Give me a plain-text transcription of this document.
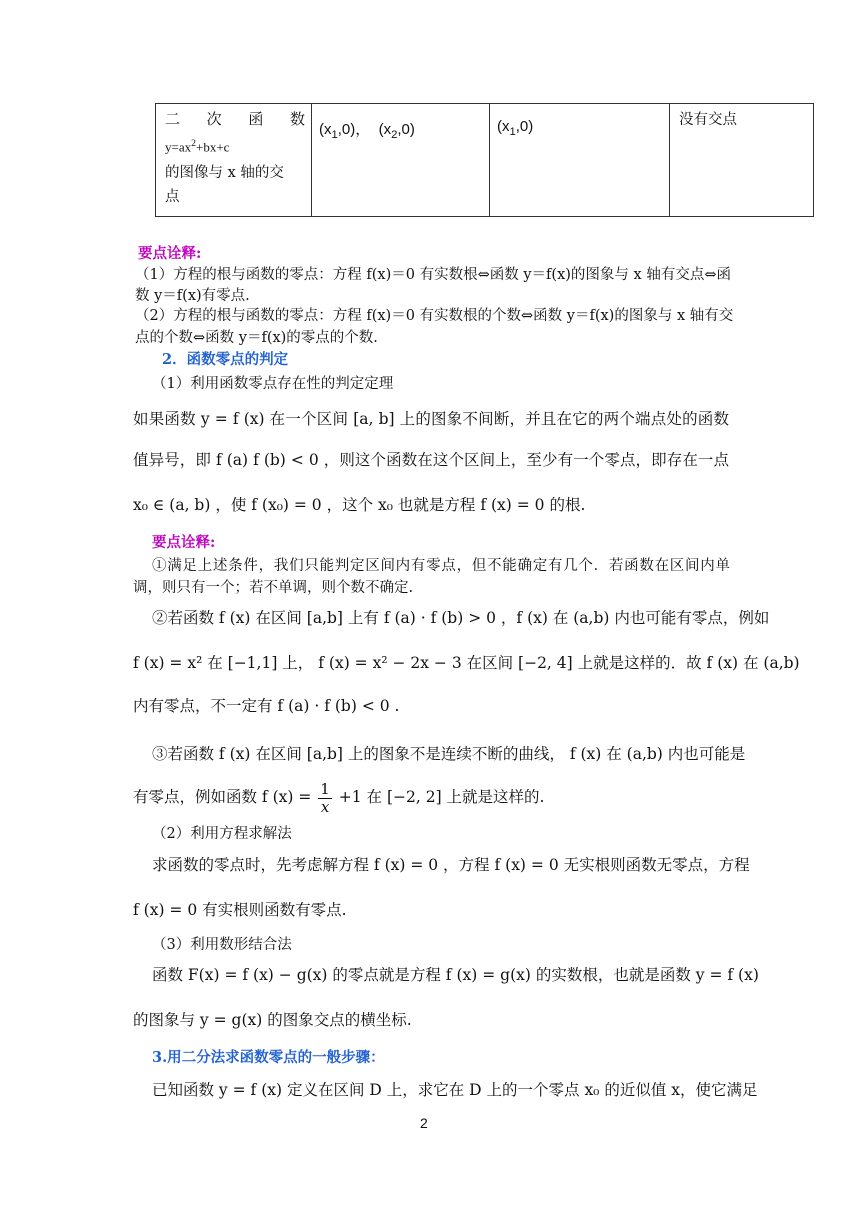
二 次 函 数
$y=ax^2+bx+c$
的图像与 x 轴的交
点
	$(x_1,0)$， $(x_2,0)$	$(x_1,0)$	没有交点
要点诠释:
（1）方程的根与函数的零点：方程 f(x)＝0 有实数根⇔函数 y＝f(x)的图象与 x 轴有交点⇔函
数 y＝f(x)有零点.
（2）方程的根与函数的零点：方程 f(x)＝0 有实数根的个数⇔函数 y＝f(x)的图象与 x 轴有交
点的个数⇔函数 y＝f(x)的零点的个数.
2．函数零点的判定
（1）利用函数零点存在性的判定定理
如果函数 y = f (x) 在一个区间 [a, b] 上的图象不间断，并且在它的两个端点处的函数
值异号，即 f (a) f (b) < 0 ，则这个函数在这个区间上，至少有一个零点，即存在一点
x₀ ∈ (a, b) ，使 f (x₀) = 0 ，这个 x₀ 也就是方程 f (x) = 0 的根.
要点诠释:
①满足上述条件，我们只能判定区间内有零点，但不能确定有几个．若函数在区间内单
调，则只有一个；若不单调，则个数不确定.
②若函数 f (x) 在区间 [a,b] 上有 f (a) · f (b) > 0 ，f (x) 在 (a,b) 内也可能有零点，例如
f (x) = x² 在 [−1,1] 上， f (x) = x² − 2x − 3 在区间 [−2, 4] 上就是这样的．故 f (x) 在 (a,b)
内有零点，不一定有 f (a) · f (b) < 0 .
③若函数 f (x) 在区间 [a,b] 上的图象不是连续不断的曲线， f (x) 在 (a,b) 内也可能是
有零点，例如函数 f $(x) = \frac{1}{x} +1$ 在 [−2, 2] 上就是这样的.
（2）利用方程求解法
求函数的零点时，先考虑解方程 f (x) = 0 ，方程 f (x) = 0 无实根则函数无零点，方程
f (x) = 0 有实根则函数有零点.
（3）利用数形结合法
函数 F(x) = f (x) − g(x) 的零点就是方程 f (x) = g(x) 的实数根，也就是函数 y = f (x)
的图象与 y = g(x) 的图象交点的横坐标.
3.用二分法求函数零点的一般步骤：
已知函数 y = f (x) 定义在区间 D 上，求它在 D 上的一个零点 x₀ 的近似值 x，使它满足
2
